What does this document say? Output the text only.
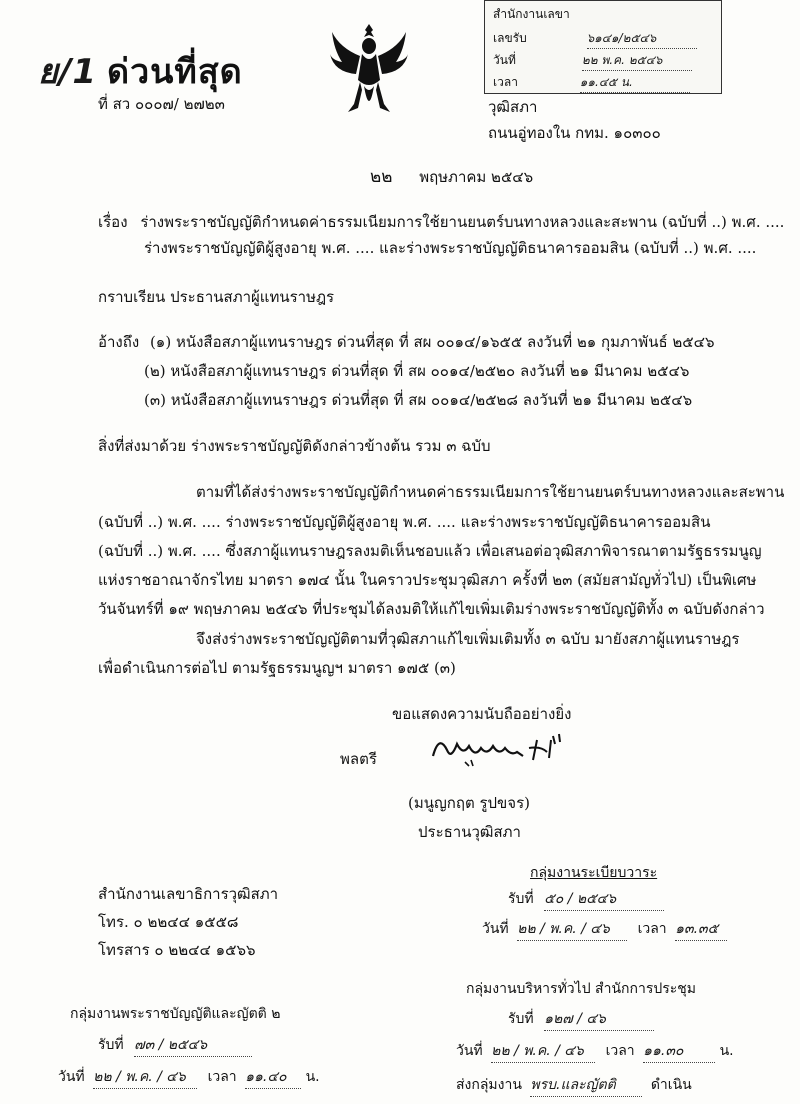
ย/1 ด่วนที่สุด
ที่ สว ๐๐๐๗/ ๒๗๒๓
สำนักงานเลขา
เลขรับ	๖๑๔๑/๒๕๔๖
วันที่	๒๒ พ.ค. ๒๕๔๖
เวลา	๑๑.๔๕ น.
วุฒิสภา
ถนนอู่ทองใน กทม. ๑๐๓๐๐
๒๒ พฤษภาคม ๒๕๔๖
เรื่อง ร่างพระราชบัญญัติกำหนดค่าธรรมเนียมการใช้ยานยนตร์บนทางหลวงและสะพาน (ฉบับที่ ..) พ.ศ. ....
ร่างพระราชบัญญัติผู้สูงอายุ พ.ศ. .... และร่างพระราชบัญญัติธนาคารออมสิน (ฉบับที่ ..) พ.ศ. ....
กราบเรียน ประธานสภาผู้แทนราษฎร
อ้างถึง (๑) หนังสือสภาผู้แทนราษฎร ด่วนที่สุด ที่ สผ ๐๐๑๔/๑๖๕๕ ลงวันที่ ๒๑ กุมภาพันธ์ ๒๕๔๖
(๒) หนังสือสภาผู้แทนราษฎร ด่วนที่สุด ที่ สผ ๐๐๑๔/๒๕๒๐ ลงวันที่ ๒๑ มีนาคม ๒๕๔๖
(๓) หนังสือสภาผู้แทนราษฎร ด่วนที่สุด ที่ สผ ๐๐๑๔/๒๕๒๘ ลงวันที่ ๒๑ มีนาคม ๒๕๔๖
สิ่งที่ส่งมาด้วย ร่างพระราชบัญญัติดังกล่าวข้างต้น รวม ๓ ฉบับ
ตามที่ได้ส่งร่างพระราชบัญญัติกำหนดค่าธรรมเนียมการใช้ยานยนตร์บนทางหลวงและสะพาน
(ฉบับที่ ..) พ.ศ. .... ร่างพระราชบัญญัติผู้สูงอายุ พ.ศ. .... และร่างพระราชบัญญัติธนาคารออมสิน
(ฉบับที่ ..) พ.ศ. .... ซึ่งสภาผู้แทนราษฎรลงมติเห็นชอบแล้ว เพื่อเสนอต่อวุฒิสภาพิจารณาตามรัฐธรรมนูญ
แห่งราชอาณาจักรไทย มาตรา ๑๗๔ นั้น ในคราวประชุมวุฒิสภา ครั้งที่ ๒๓ (สมัยสามัญทั่วไป) เป็นพิเศษ
วันจันทร์ที่ ๑๙ พฤษภาคม ๒๕๔๖ ที่ประชุมได้ลงมติให้แก้ไขเพิ่มเติมร่างพระราชบัญญัติทั้ง ๓ ฉบับดังกล่าว
จึงส่งร่างพระราชบัญญัติตามที่วุฒิสภาแก้ไขเพิ่มเติมทั้ง ๓ ฉบับ มายังสภาผู้แทนราษฎร
เพื่อดำเนินการต่อไป ตามรัฐธรรมนูญฯ มาตรา ๑๗๕ (๓)
ขอแสดงความนับถืออย่างยิ่ง
พลตรี
(มนูญกฤต รูปขจร)
ประธานวุฒิสภา
สำนักงานเลขาธิการวุฒิสภา
โทร. ๐ ๒๒๔๔ ๑๕๕๘
โทรสาร ๐ ๒๒๔๔ ๑๕๖๖
กลุ่มงานระเบียบวาระ
รับที่ ๕๐ / ๒๕๔๖
วันที่ ๒๒ / พ.ค. / ๔๖ เวลา ๑๓.๓๕
กลุ่มงานบริหารทั่วไป สำนักการประชุม
รับที่ ๑๒๗ / ๔๖
วันที่ ๒๒ / พ.ค. / ๔๖ เวลา ๑๑.๓๐	น.
ส่งกลุ่มงาน พรบ.และญัตติ	ดำเนิน
กลุ่มงานพระราชบัญญัติและญัตติ ๒
รับที่ ๗๓ / ๒๕๔๖
วันที่ ๒๒ / พ.ค. / ๔๖ เวลา ๑๑.๔๐ น.
